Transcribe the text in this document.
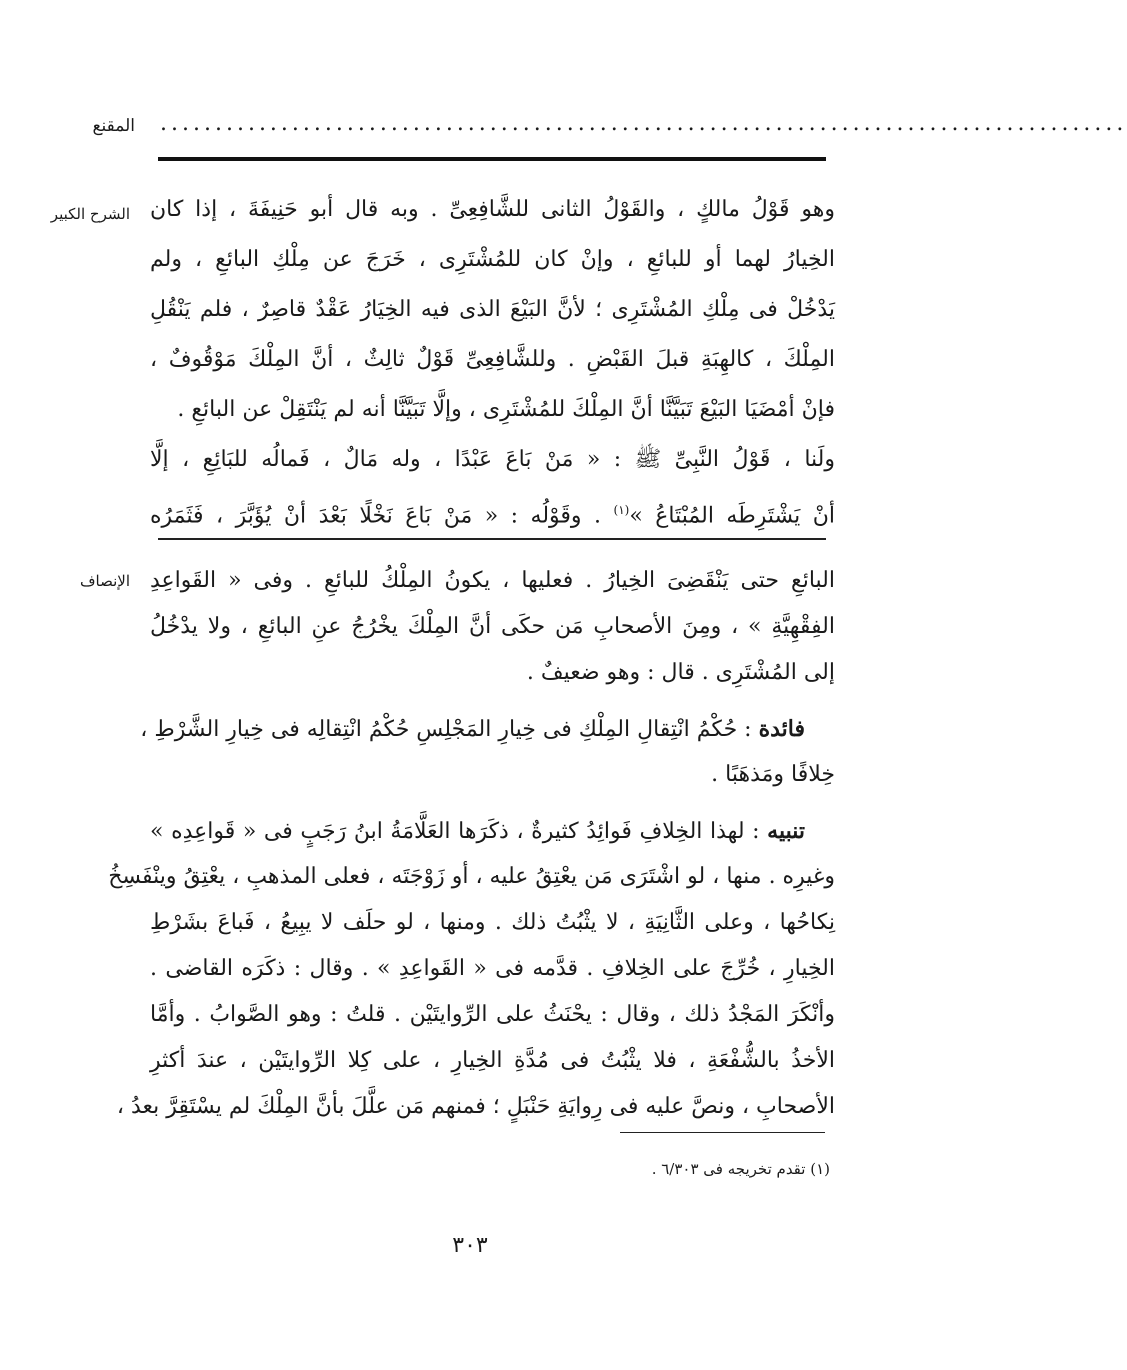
المقنع ........................................................................................
الشرح الكبير وهو قَوْلُ مالكٍ ، والقَوْلُ الثانى للشَّافِعِىِّ . وبه قال أبو حَنِيفَةَ ، إذا كان
الخِيارُ لهما أو للبائعِ ، وإنْ كان للمُشْتَرِى ، خَرَجَ عن مِلْكِ البائعِ ، ولم
يَدْخُلْ فى مِلْكِ المُشْتَرِى ؛ لأنَّ البَيْعَ الذى فيه الخِيَارُ عَقْدٌ قاصِرٌ ، فلم يَنْقُلِ
المِلْكَ ، كالهِبَةِ قبلَ القَبْضِ . وللشَّافِعِىِّ قَوْلٌ ثالِثٌ ، أنَّ المِلْكَ مَوْقُوفٌ ،
فإنْ أمْضَيَا البَيْعَ تَبَيَّنَّا أنَّ المِلْكَ للمُشْتَرِى ، وإلَّا تَبَيَّنَّا أنه لم يَنْتَقِلْ عن البائعِ .
ولَنا ، قَوْلُ النَّبِىِّ ﷺ : « مَنْ بَاعَ عَبْدًا ، وله مَالٌ ، فَمالُه للبَائِعِ ، إلَّا
أنْ يَشْتَرِطَه المُبْتَاعُ »$^{(١)}$ . وقَوْلُه : « مَنْ بَاعَ نَخْلًا بَعْدَ أنْ يُؤَبَّرَ ، فَثَمَرُه
الإنصاف البائعِ حتى يَنْقَضِىَ الخِيارُ . فعليها ، يكونُ المِلْكُ للبائعِ . وفى « القَواعِدِ
الفِقْهِيَّةِ » ، ومِنَ الأصحابِ مَن حكَى أنَّ المِلْكَ يخْرُجُ عنِ البائعِ ، ولا يدْخُلُ
إلى المُشْتَرِى . قال : وهو ضعيفٌ .
فائدة : حُكْمُ انْتِقالِ المِلْكِ فى خِيارِ المَجْلِسِ حُكْمُ انْتِقالِه فى خِيارِ الشَّرْطِ ،
خِلافًا ومَذهَبًا .
تنبيه : لهذا الخِلافِ فَوائِدُ كثيرةٌ ، ذكَرَها العَلَّامَةُ ابنُ رَجَبٍ فى « قَواعِدِه »
وغيرِه . منها ، لو اشْتَرَى مَن يعْتِقُ عليه ، أو زَوْجَتَه ، فعلى المذهبِ ، يعْتِقُ وينْفَسِخُ
نِكاحُها ، وعلى الثَّانِيَةِ ، لا يثْبُتُ ذلك . ومنها ، لو حلَف لا يبِيعُ ، فَباعَ بشَرْطِ
الخِيارِ ، خُرِّجَ على الخِلافِ . قدَّمه فى « القَواعِدِ » . وقال : ذكَرَه القاضى .
وأنْكَرَ المَجْدُ ذلك ، وقال : يحْنَثُ على الرِّوايتَيْن . قلتُ : وهو الصَّوابُ . وأمَّا
الأخذُ بالشُّفْعَةِ ، فلا يثْبُتُ فى مُدَّةِ الخِيارِ ، على كِلا الرِّوايتَيْن ، عندَ أكثرِ
الأصحابِ ، ونصَّ عليه فى رِوايَةِ حَنْبَلٍ ؛ فمنهم مَن علَّلَ بأنَّ المِلْكَ لم يسْتَقِرَّ بعدُ ،
(١) تقدم تخريجه فى ٦/٣٠٣ .
٣٠٣
